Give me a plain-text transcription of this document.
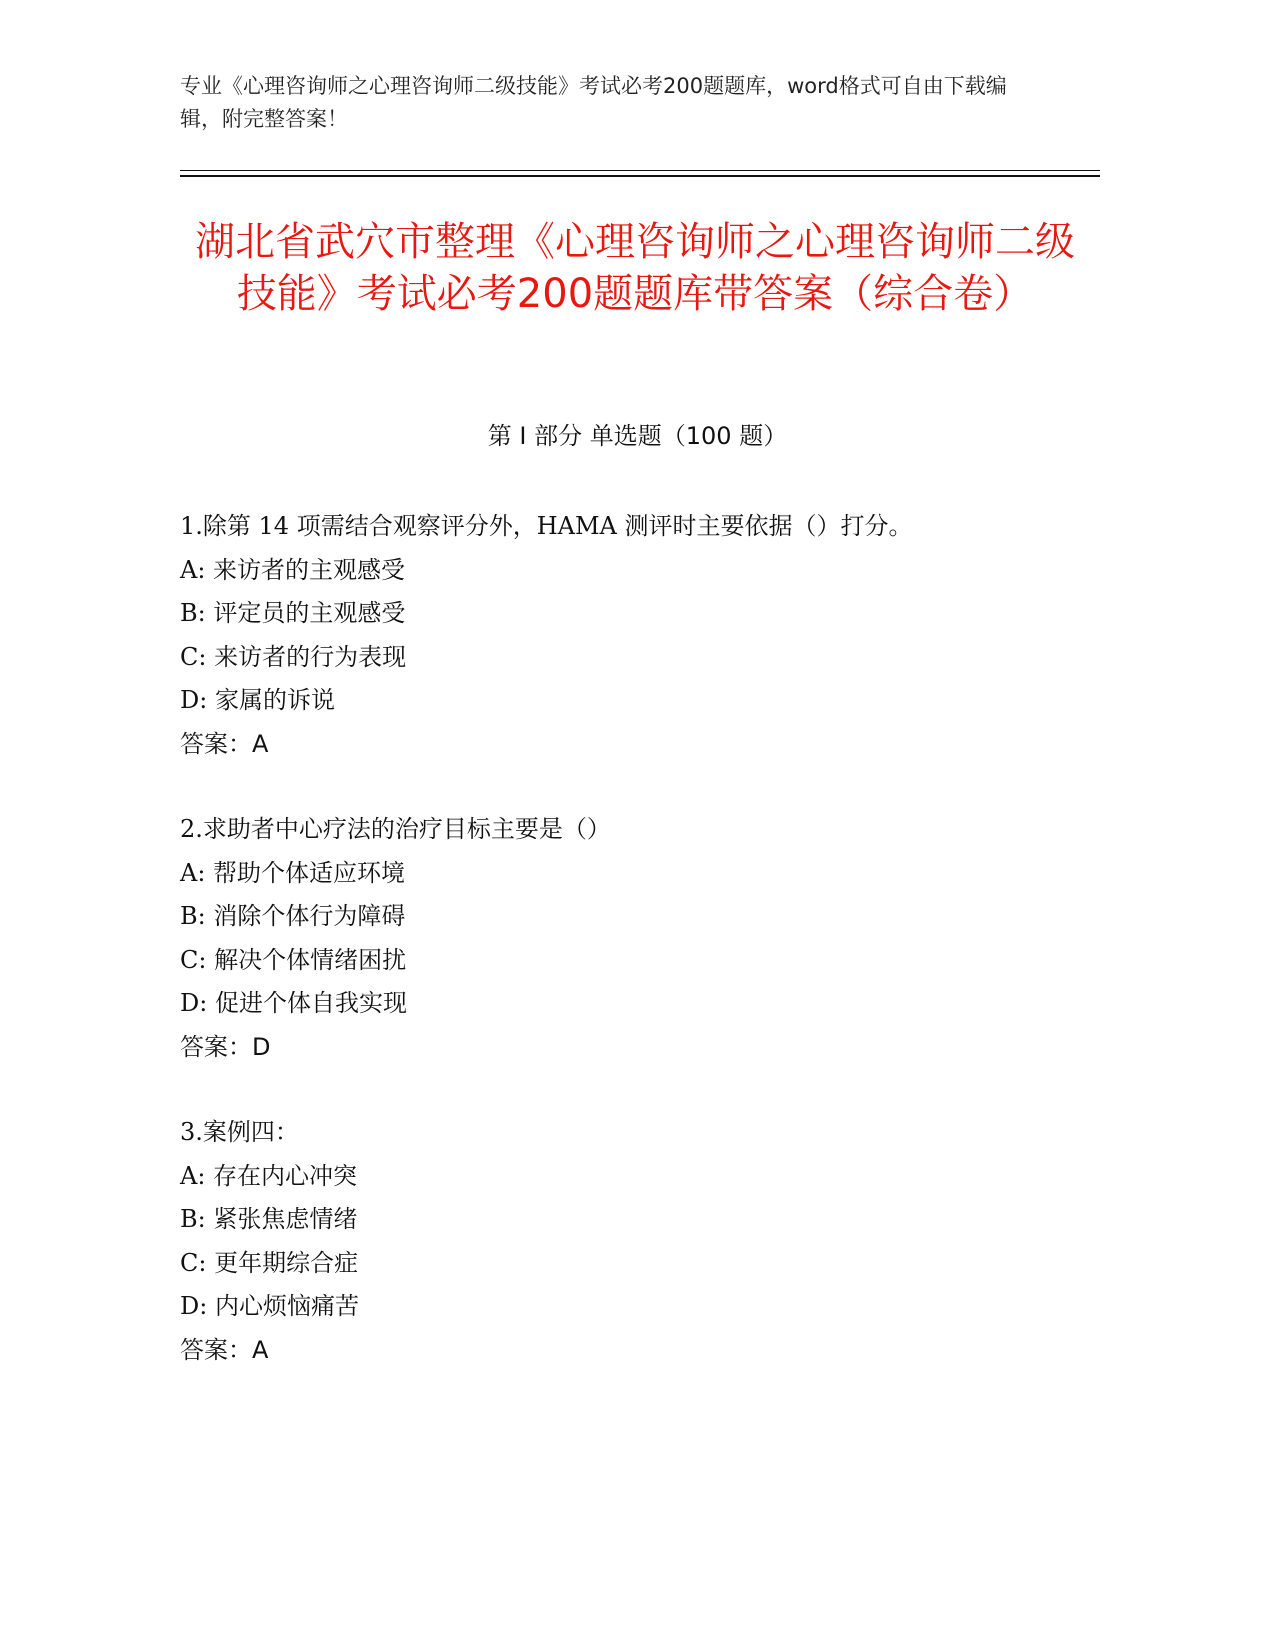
专业《心理咨询师之心理咨询师二级技能》考试必考200题题库，word格式可自由下载编辑，附完整答案！

湖北省武穴市整理《心理咨询师之心理咨询师二级技能》考试必考200题题库带答案（综合卷）
第 I 部分 单选题（100 题）
1.除第 14 项需结合观察评分外，HAMA 测评时主要依据（）打分。
A: 来访者的主观感受
B: 评定员的主观感受
C: 来访者的行为表现
D: 家属的诉说
答案：A
2.求助者中心疗法的治疗目标主要是（）
A: 帮助个体适应环境
B: 消除个体行为障碍
C: 解决个体情绪困扰
D: 促进个体自我实现
答案：D
3.案例四：
A: 存在内心冲突
B: 紧张焦虑情绪
C: 更年期综合症
D: 内心烦恼痛苦
答案：A
